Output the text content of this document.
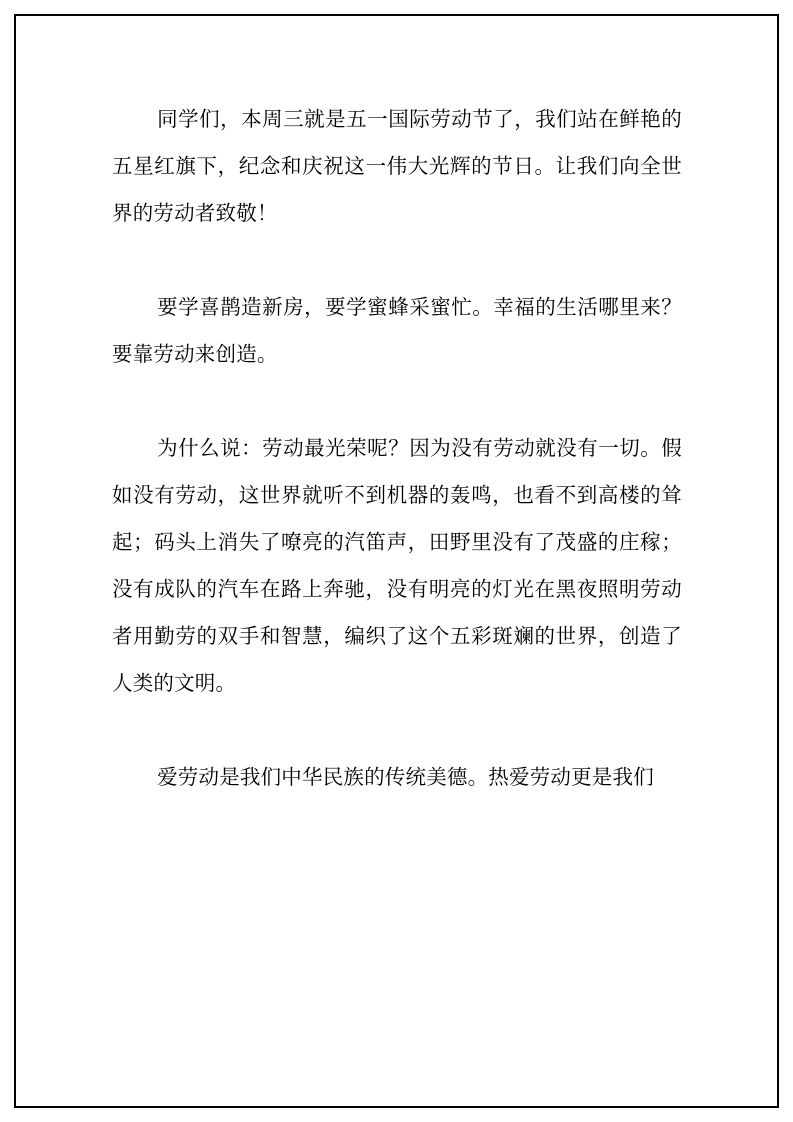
同学们，本周三就是五一国际劳动节了，我们站在鲜艳的五星红旗下，纪念和庆祝这一伟大光辉的节日。让我们向全世界的劳动者致敬！

要学喜鹊造新房，要学蜜蜂采蜜忙。幸福的生活哪里来？要靠劳动来创造。

为什么说：劳动最光荣呢？因为没有劳动就没有一切。假如没有劳动，这世界就听不到机器的轰鸣，也看不到高楼的耸起；码头上消失了嘹亮的汽笛声，田野里没有了茂盛的庄稼；没有成队的汽车在路上奔驰，没有明亮的灯光在黑夜照明劳动者用勤劳的双手和智慧，编织了这个五彩斑斓的世界，创造了人类的文明。

爱劳动是我们中华民族的传统美德。热爱劳动更是我们
